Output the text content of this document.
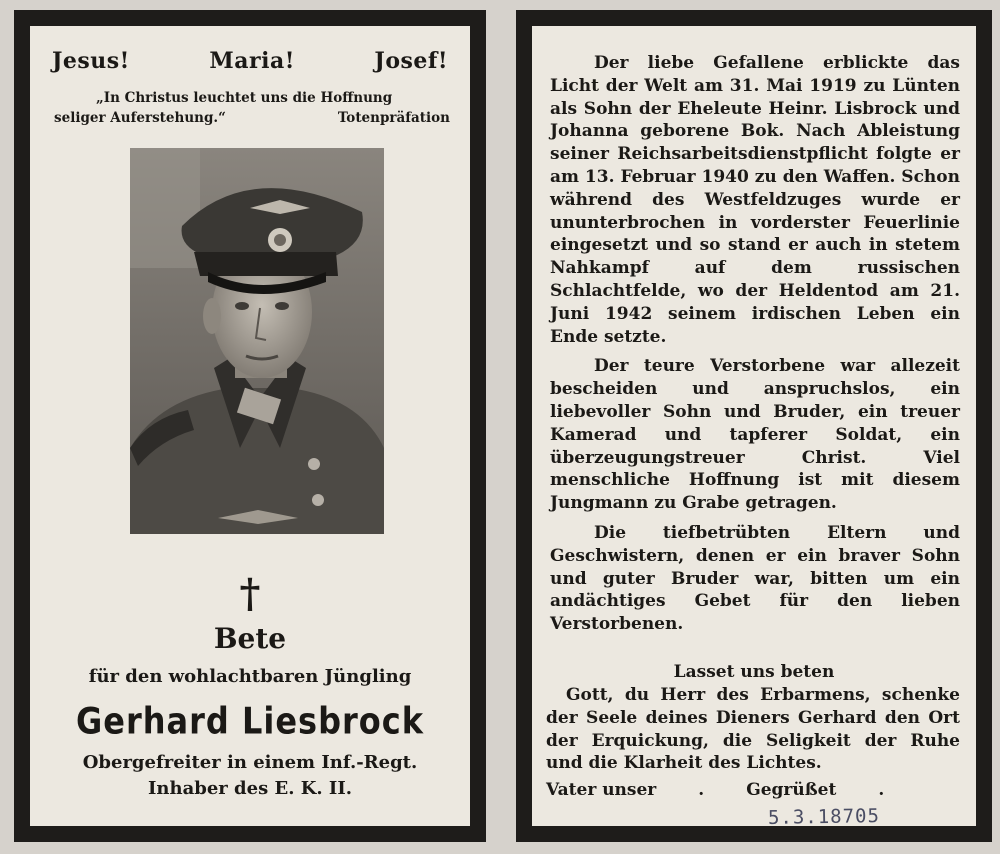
Jesus!	Maria!	Josef!
„In Christus leuchtet uns die Hoffnung
seliger Auferstehung.“	Totenpräfation
†
Bete
für den wohlachtbaren Jüngling
Gerhard Liesbrock
Obergefreiter in einem Inf.-Regt.
Inhaber des E. K. II.

Der liebe Gefallene erblickte das Licht der Welt am 31. Mai 1919 zu Lünten als Sohn der Eheleute Heinr. Lisbrock und Johanna geborene Bok. Nach Ableistung seiner Reichsarbeitsdienstpflicht folgte er am 13. Februar 1940 zu den Waffen. Schon während des Westfeldzuges wurde er ununterbrochen in vorderster Feuerlinie eingesetzt und so stand er auch in stetem Nahkampf auf dem russischen Schlachtfelde, wo der Heldentod am 21. Juni 1942 seinem irdischen Leben ein Ende setzte.

Der teure Verstorbene war allezeit bescheiden und anspruchslos, ein liebevoller Sohn und Bruder, ein treuer Kamerad und tapferer Soldat, ein überzeugungstreuer Christ. Viel menschliche Hoffnung ist mit diesem Jungmann zu Grabe getragen.

Die tiefbetrübten Eltern und Geschwistern, denen er ein braver Sohn und guter Bruder war, bitten um ein andächtiges Gebet für den lieben Verstorbenen.

Lasset uns beten

Gott, du Herr des Erbarmens, schenke der Seele deines Dieners Gerhard den Ort der Erquickung, die Seligkeit der Ruhe und die Klarheit des Lichtes.

Vater unser . Gegrüßet .
5.3.18705
